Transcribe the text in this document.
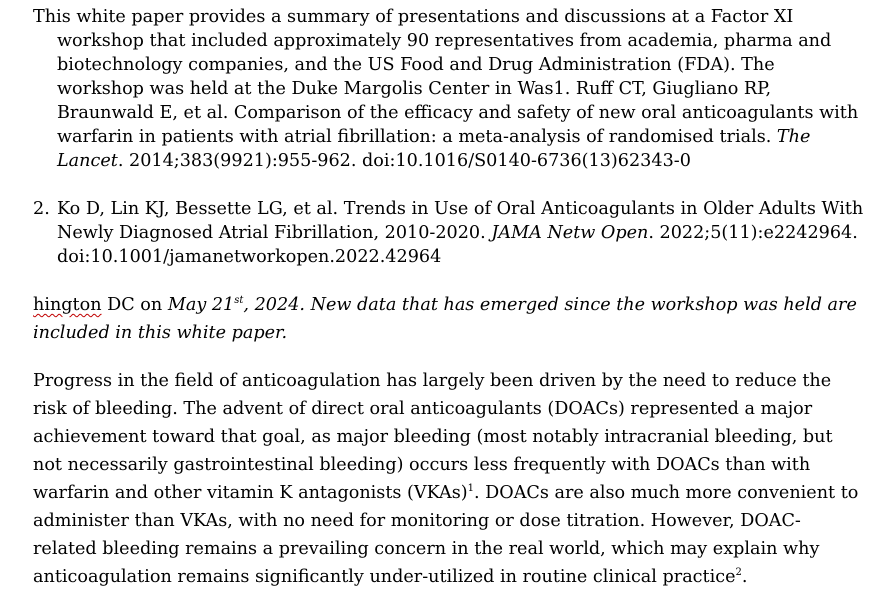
This white paper provides a summary of presentations and discussions at a Factor XI
workshop that included approximately 90 representatives from academia, pharma and
biotechnology companies, and the US Food and Drug Administration (FDA). The
workshop was held at the Duke Margolis Center in Was1. Ruff CT, Giugliano RP,
Braunwald E, et al. Comparison of the efficacy and safety of new oral anticoagulants with
warfarin in patients with atrial fibrillation: a meta-analysis of randomised trials. The
Lancet. 2014;383(9921):955-962. doi:10.1016/S0140-6736(13)62343-0

2. Ko D, Lin KJ, Bessette LG, et al. Trends in Use of Oral Anticoagulants in Older Adults With
Newly Diagnosed Atrial Fibrillation, 2010-2020. JAMA Netw Open. 2022;5(11):e2242964.
doi:10.1001/jamanetworkopen.2022.42964

hington DC on May 21st, 2024. New data that has emerged since the workshop was held are
included in this white paper.

Progress in the field of anticoagulation has largely been driven by the need to reduce the
risk of bleeding. The advent of direct oral anticoagulants (DOACs) represented a major
achievement toward that goal, as major bleeding (most notably intracranial bleeding, but
not necessarily gastrointestinal bleeding) occurs less frequently with DOACs than with
warfarin and other vitamin K antagonists (VKAs)$^1$. DOACs are also much more convenient to
administer than VKAs, with no need for monitoring or dose titration. However, DOAC-
related bleeding remains a prevailing concern in the real world, which may explain why
anticoagulation remains significantly under-utilized in routine clinical practice$^2$.
